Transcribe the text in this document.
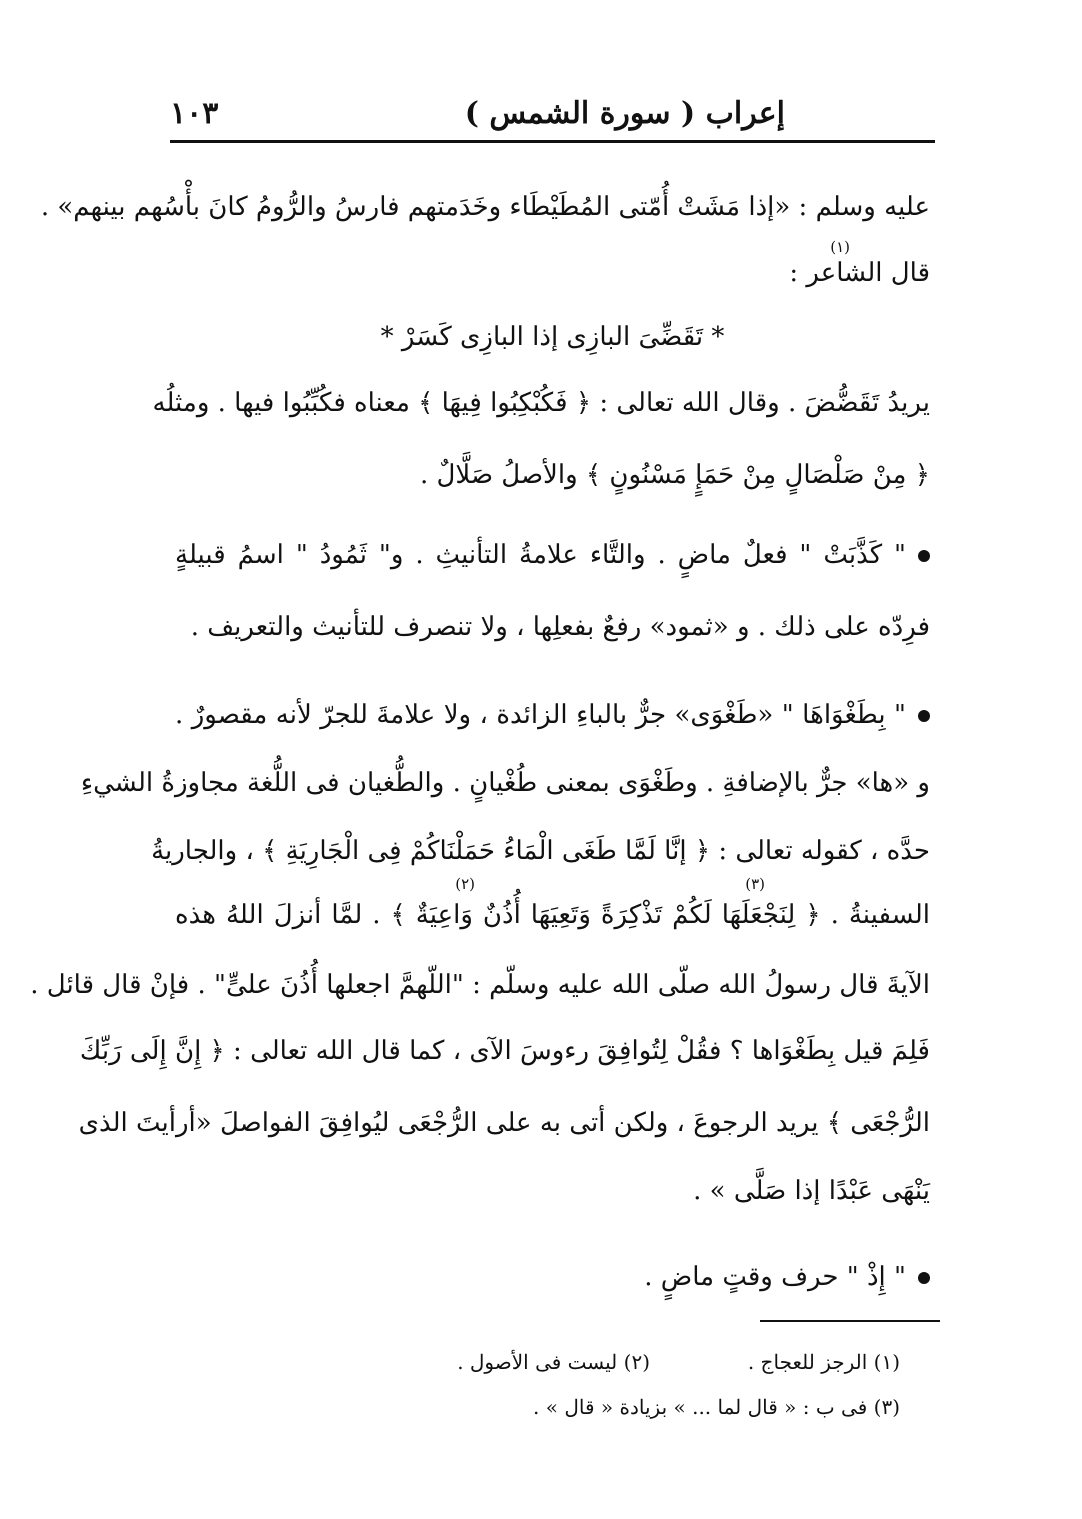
١٠٣	إعراب ( سورة الشمس )
عليه وسلم : «إذا مَشَتْ أُمّتى المُطَيْطَاء وخَدَمتهم فارسُ والرُّومُ كانَ بأْسُهم بينهم» .
(١)
قال الشاعر :
* تَقَضِّىَ البازِى إذا البازِى كَسَرْ *
يريدُ تَقَضُّضَ . وقال الله تعالى : ﴿ فَكُبْكِبُوا فِيهَا ﴾ معناه فكُبِّبُوا فيها . ومثلُه
﴿ مِنْ صَلْصَالٍ مِنْ حَمَإٍ مَسْنُونٍ ﴾ والأصلُ صَلَّالٌ .
" كَذَّبَتْ " فعلٌ ماضٍ . والتَّاء علامةُ التأنيثِ . و" ثَمُودُ " اسمُ قبيلةٍ
فرِدّه على ذلك . و «ثمود» رفعٌ بفعلِها ، ولا تنصرف للتأنيث والتعريف .
" بِطَغْوَاهَا " «طَغْوَى» جرٌّ بالباءِ الزائدة ، ولا علامةَ للجرّ لأنه مقصورٌ .
و «ها» جرٌّ بالإضافةِ . وطَغْوَى بمعنى طُغْيانٍ . والطُّغيان فى اللُّغة مجاوزةُ الشيءِ
حدَّه ، كقوله تعالى : ﴿ إنَّا لَمَّا طَغَى الْمَاءُ حَمَلْنَاكُمْ فِى الْجَارِيَةِ ﴾ ، والجاريةُ
(٢)	(٣)
السفينةُ . ﴿ لِنَجْعَلَهَا لَكُمْ تَذْكِرَةً وَتَعِيَهَا أُذُنٌ وَاعِيَةٌ ﴾ . لمَّا أنزلَ اللهُ هذه
الآيةَ قال رسولُ الله صلّى الله عليه وسلّم : "اللّهمَّ اجعلها أُذُنَ علىٍّ" . فإنْ قال قائل .
فَلِمَ قيل بِطَغْوَاها ؟ فقُلْ لِتُوافِقَ رءوسَ الآى ، كما قال الله تعالى : ﴿ إِنَّ إِلَى رَبِّكَ
الرُّجْعَى ﴾ يريد الرجوعَ ، ولكن أتى به على الرُّجْعَى ليُوافِقَ الفواصلَ «أرأيتَ الذى
يَنْهَى عَبْدًا إذا صَلَّى » .
" إِذْ " حرف وقتٍ ماضٍ .
(١) الرجز للعجاج .
(٢) ليست فى الأصول .
(٣) فى ب : « قال لما ... » بزيادة « قال » .
